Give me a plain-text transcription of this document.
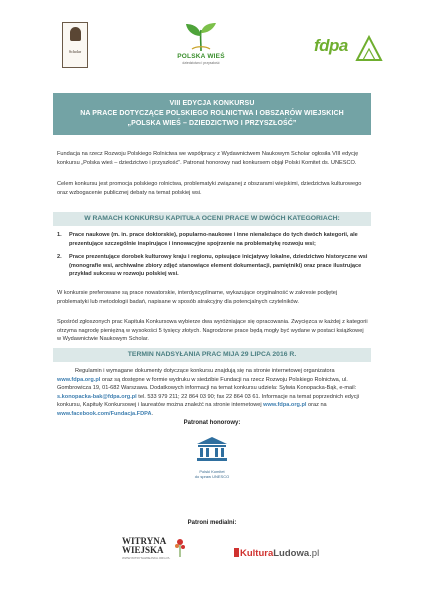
Scholar
POLSKA WIEŚ
dziedzictwo i przyszłość
fdpa
VIII EDYCJA KONKURSU
NA PRACE DOTYCZĄCE POLSKIEGO ROLNICTWA I OBSZARÓW WIEJSKICH
„POLSKA WIEŚ – DZIEDZICTWO I PRZYSZŁOŚĆ”

Fundacja na rzecz Rozwoju Polskiego Rolnictwa we współpracy z Wydawnictwem Naukowym Scholar ogłosiła VIII edycję konkursu „Polska wieś – dziedzictwo i przyszłość”. Patronat honorowy nad konkursem objął Polski Komitet ds. UNESCO.

Celem konkursu jest promocja polskiego rolnictwa, problematyki związanej z obszarami wiejskimi, dziedzictwa kulturowego oraz wzbogacenie publicznej debaty na temat polskiej wsi.

W RAMACH KONKURSU KAPITUŁA OCENI PRACE W DWÓCH KATEGORIACH:
1. Prace naukowe (m. in. prace doktorskie), popularno-naukowe i inne nienależące do tych dwóch kategorii, ale prezentujące szczególnie inspirujące i innowacyjne spojrzenie na problematykę rozwoju wsi;
2. Prace prezentujące dorobek kulturowy kraju i regionu, opisujące inicjatywy lokalne, dziedzictwo historyczne wsi (monografie wsi, archiwalne zbiory zdjęć stanowiące element dokumentacji, pamiętniki) oraz prace ilustrujące przykład sukcesu w rozwoju polskiej wsi.

W konkursie preferowane są prace nowatorskie, interdyscyplinarne, wykazujące oryginalność w zakresie podjętej problematyki lub metodologii badań, napisane w sposób atrakcyjny dla potencjalnych czytelników.

Spośród zgłoszonych prac Kapituła Konkursowa wybierze dwa wyróżniające się opracowania. Zwycięzca w każdej z kategorii otrzyma nagrodę pieniężną w wysokości 5 tysięcy złotych. Nagrodzone prace będą mogły być wydane w postaci książkowej w Wydawnictwie Naukowym Scholar.

TERMIN NADSYŁANIA PRAC MIJA 29 LIPCA 2016 R.

Regulamin i wymagane dokumenty dotyczące konkursu znajdują się na stronie internetowej organizatora www.fdpa.org.pl oraz są dostępne w formie wydruku w siedzibie Fundacji na rzecz Rozwoju Polskiego Rolnictwa, ul. Gombrowicza 19, 01-682 Warszawa. Dodatkowych informacji na temat konkursu udziela: Sylwia Konopacka-Bąk, e-mail: s.konopacka-bak@fdpa.org.pl tel. 533 979 211; 22 864 03 90; fax 22 864 03 61. Informacje na temat poprzednich edycji konkursu, Kapituły Konkursowej i laureatów można znaleźć na stronie internetowej www.fdpa.org.pl oraz na www.facebook.com/Fundacja.FDPA.

Patronat honorowy:
Polski Komitet
do spraw UNESCO
Patroni medialni:
WITRYNA
WIEJSKA
WWW.WITRYNAWIEJSKA.ORG.PL	KulturaLudowa.pl
